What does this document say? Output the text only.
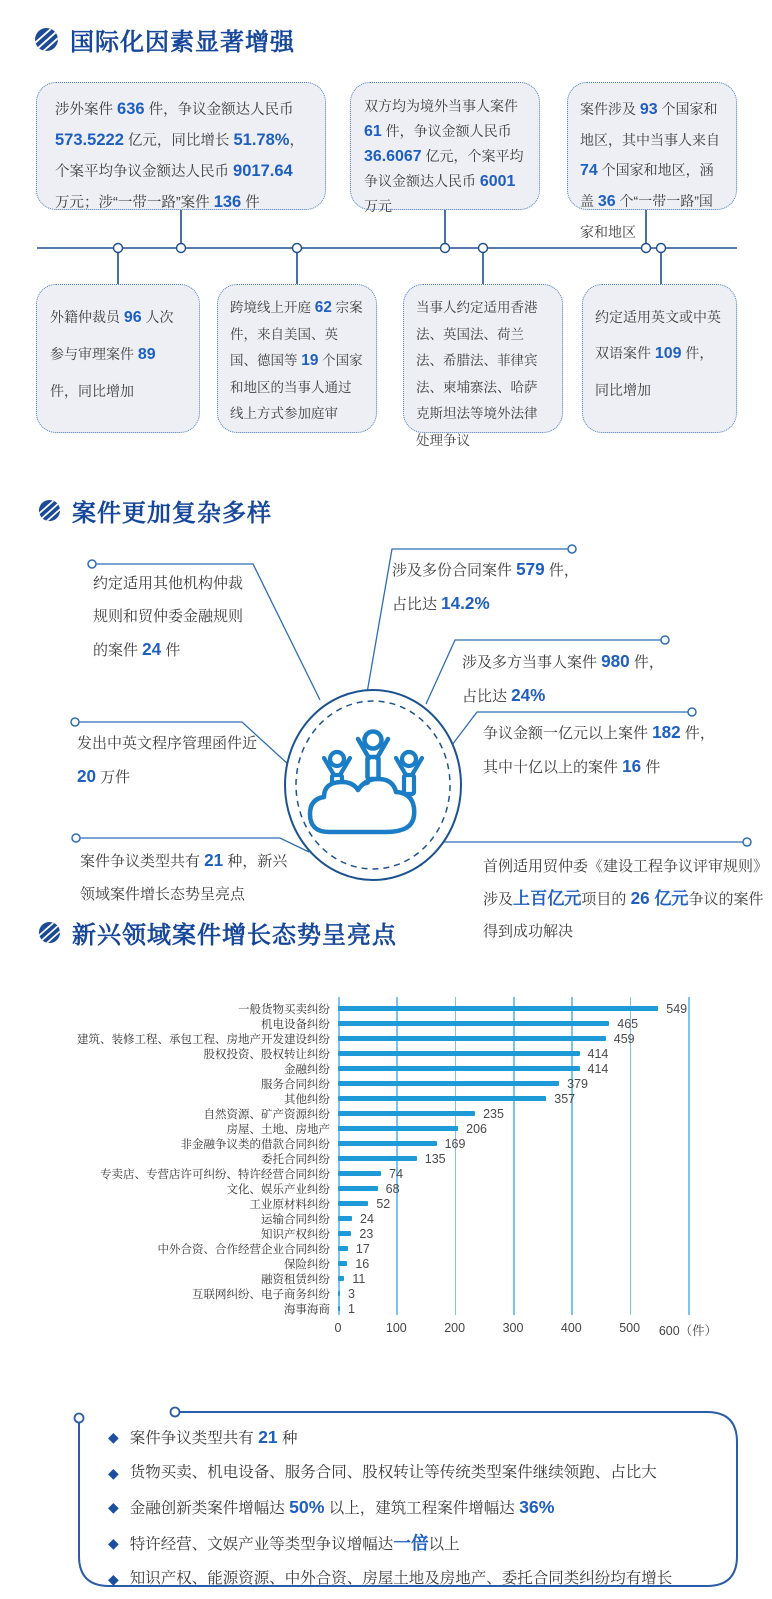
国际化因素显著增强

涉外案件 636 件，争议金额达人民币 573.5222 亿元，同比增长 51.78%，个案平均争议金额达人民币 9017.64 万元；涉“一带一路”案件 136 件

双方均为境外当事人案件 61 件，争议金额人民币 36.6067 亿元，个案平均争议金额达人民币 6001 万元

案件涉及 93 个国家和地区，其中当事人来自 74 个国家和地区，涵盖 36 个“一带一路”国家和地区

外籍仲裁员 96 人次参与审理案件 89 件，同比增加

跨境线上开庭 62 宗案件，来自美国、英国、德国等 19 个国家和地区的当事人通过线上方式参加庭审

当事人约定适用香港法、英国法、荷兰法、希腊法、菲律宾法、柬埔寨法、哈萨克斯坦法等境外法律处理争议

约定适用英文或中英双语案件 109 件，同比增加

案件更加复杂多样
约定适用其他机构仲裁
规则和贸仲委金融规则
的案件 24 件
发出中英文程序管理函件近
20 万件
案件争议类型共有 21 种，新兴
领域案件增长态势呈亮点
涉及多份合同案件 579 件，
占比达 14.2%
涉及多方当事人案件 980 件，
占比达 24%
争议金额一亿元以上案件 182 件，
其中十亿以上的案件 16 件
首例适用贸仲委《建设工程争议评审规则》
涉及上百亿元项目的 26 亿元争议的案件
得到成功解决
新兴领域案件增长态势呈亮点
一般货物买卖纠纷	549
机电设备纠纷	465
建筑、装修工程、承包工程、房地产开发建设纠纷	459
股权投资、股权转让纠纷	414
金融纠纷	414
服务合同纠纷	379
其他纠纷	357
自然资源、矿产资源纠纷	235
房屋、土地、房地产	206
非金融争议类的借款合同纠纷	169
委托合同纠纷	135
专卖店、专营店许可纠纷、特许经营合同纠纷	74
文化、娱乐产业纠纷	68
工业原材料纠纷	52
运输合同纠纷	24
知识产权纠纷	23
中外合资、合作经营企业合同纠纷	17
保险纠纷	16
融资租赁纠纷	11
互联网纠纷、电子商务纠纷	3
海事海商	1
0	100	200	300	400	500 600（件）
◆ 案件争议类型共有 21 种
◆ 货物买卖、机电设备、服务合同、股权转让等传统类型案件继续领跑、占比大
◆ 金融创新类案件增幅达 50% 以上，建筑工程案件增幅达 36%
◆ 特许经营、文娱产业等类型争议增幅达一倍以上
◆ 知识产权、能源资源、中外合资、房屋土地及房地产、委托合同类纠纷均有增长
